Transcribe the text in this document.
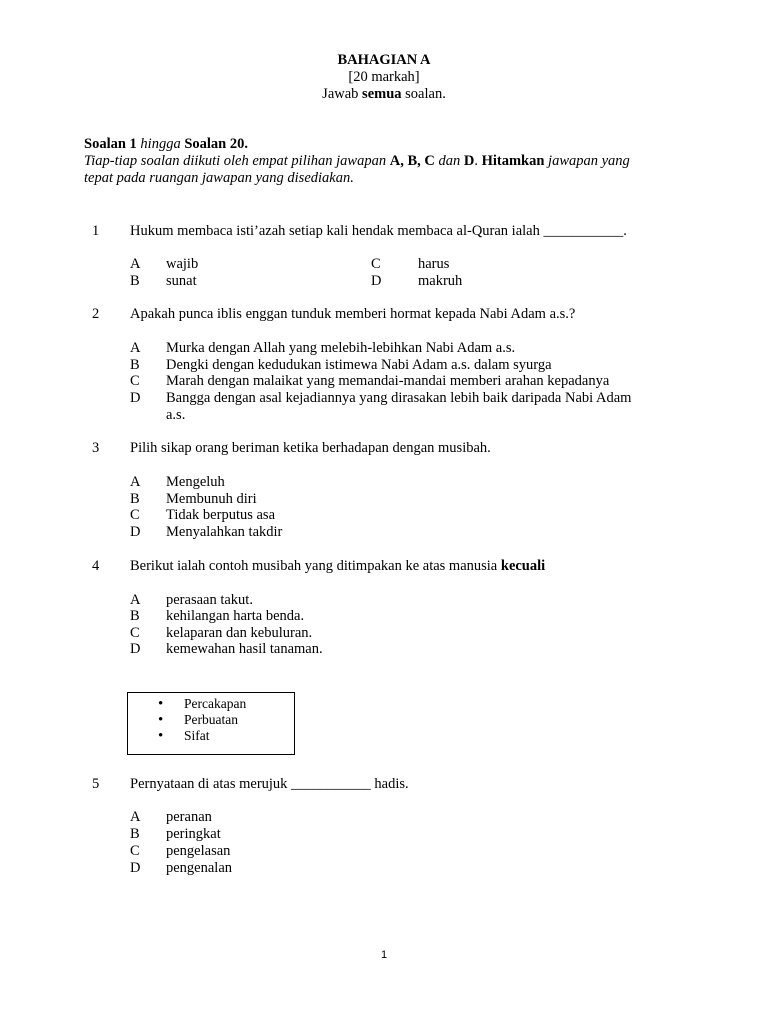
BAHAGIAN A
[20 markah]
Jawab semua soalan.
Soalan 1 hingga Soalan 20.
Tiap-tiap soalan diikuti oleh empat pilihan jawapan A, B, C dan D. Hitamkan jawapan yang
tepat pada ruangan jawapan yang disediakan.
1 Hukum membaca isti’azah setiap kali hendak membaca al-Quran ialah ___________.
A wajib
B sunat
C	harus
D	makruh
2 Apakah punca iblis enggan tunduk memberi hormat kepada Nabi Adam a.s.?
A Murka dengan Allah yang melebih-lebihkan Nabi Adam a.s.
B Dengki dengan kedudukan istimewa Nabi Adam a.s. dalam syurga
C Marah dengan malaikat yang memandai-mandai memberi arahan kepadanya
D Bangga dengan asal kejadiannya yang dirasakan lebih baik daripada Nabi Adam
a.s.
3 Pilih sikap orang beriman ketika berhadapan dengan musibah.
A Mengeluh
B Membunuh diri
C Tidak berputus asa
D Menyalahkan takdir
4 Berikut ialah contoh musibah yang ditimpakan ke atas manusia kecuali
A perasaan takut.
B kehilangan harta benda.
C kelaparan dan kebuluran.
D kemewahan hasil tanaman.
• Percakapan
• Perbuatan
• Sifat
5 Pernyataan di atas merujuk ___________ hadis.
A peranan
B peringkat
C pengelasan
D pengenalan
1
